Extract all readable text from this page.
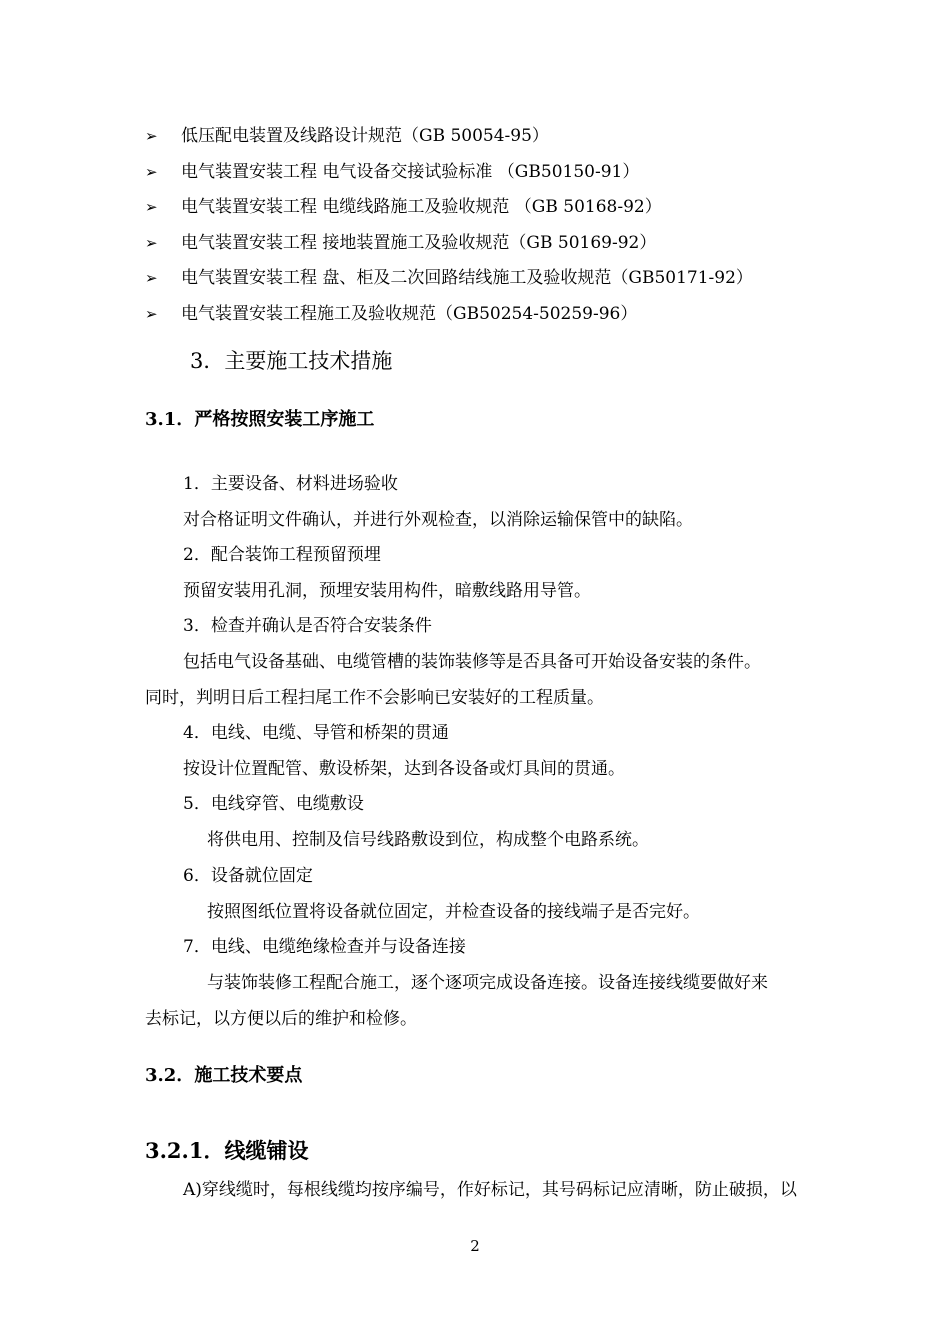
➢ 低压配电装置及线路设计规范（GB 50054-95）
➢ 电气装置安装工程 电气设备交接试验标准 （GB50150-91）
➢ 电气装置安装工程 电缆线路施工及验收规范 （GB 50168-92）
➢ 电气装置安装工程 接地装置施工及验收规范（GB 50169-92）
➢ 电气装置安装工程 盘、柜及二次回路结线施工及验收规范（GB50171-92）
➢ 电气装置安装工程施工及验收规范（GB50254-50259-96）
3．主要施工技术措施
3.1．严格按照安装工序施工
1．主要设备、材料进场验收
对合格证明文件确认，并进行外观检查，以消除运输保管中的缺陷。
2．配合装饰工程预留预埋
预留安装用孔洞，预埋安装用构件，暗敷线路用导管。
3．检查并确认是否符合安装条件
包括电气设备基础、电缆管槽的装饰装修等是否具备可开始设备安装的条件。
同时，判明日后工程扫尾工作不会影响已安装好的工程质量。
4．电线、电缆、导管和桥架的贯通
按设计位置配管、敷设桥架，达到各设备或灯具间的贯通。
5．电线穿管、电缆敷设
将供电用、控制及信号线路敷设到位，构成整个电路系统。
6．设备就位固定
按照图纸位置将设备就位固定，并检查设备的接线端子是否完好。
7．电线、电缆绝缘检查并与设备连接
与装饰装修工程配合施工，逐个逐项完成设备连接。设备连接线缆要做好来
去标记，以方便以后的维护和检修。
3.2．施工技术要点
3.2.1．线缆铺设
A)穿线缆时，每根线缆均按序编号，作好标记，其号码标记应清晰，防止破损，以
2
